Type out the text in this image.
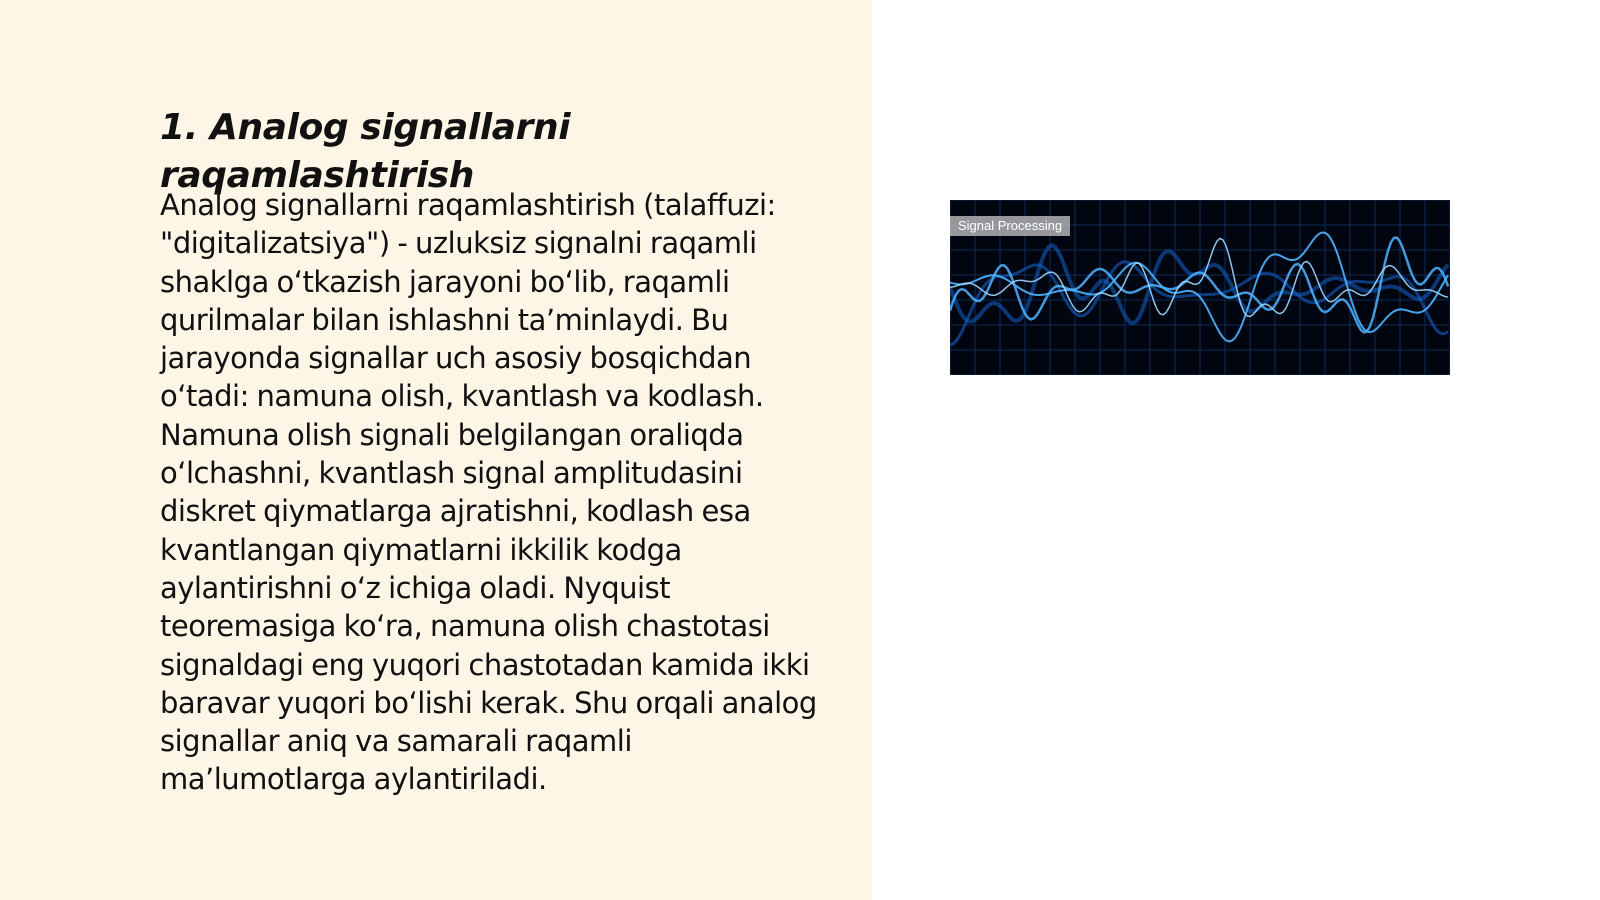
1. Analog signallarni raqamlashtirish

Analog signallarni raqamlashtirish (talaffuzi: "digitalizatsiya") - uzluksiz signalni raqamli shaklga o‘tkazish jarayoni bo‘lib, raqamli qurilmalar bilan ishlashni ta’minlaydi. Bu jarayonda signallar uch asosiy bosqichdan o‘tadi: namuna olish, kvantlash va kodlash. Namuna olish signali belgilangan oraliqda o‘lchashni, kvantlash signal amplitudasini diskret qiymatlarga ajratishni, kodlash esa kvantlangan qiymatlarni ikkilik kodga aylantirishni o‘z ichiga oladi. Nyquist teoremasiga ko‘ra, namuna olish chastotasi signaldagi eng yuqori chastotadan kamida ikki baravar yuqori bo‘lishi kerak. Shu orqali analog signallar aniq va samarali raqamli ma’lumotlarga aylantiriladi.

Signal Processing
